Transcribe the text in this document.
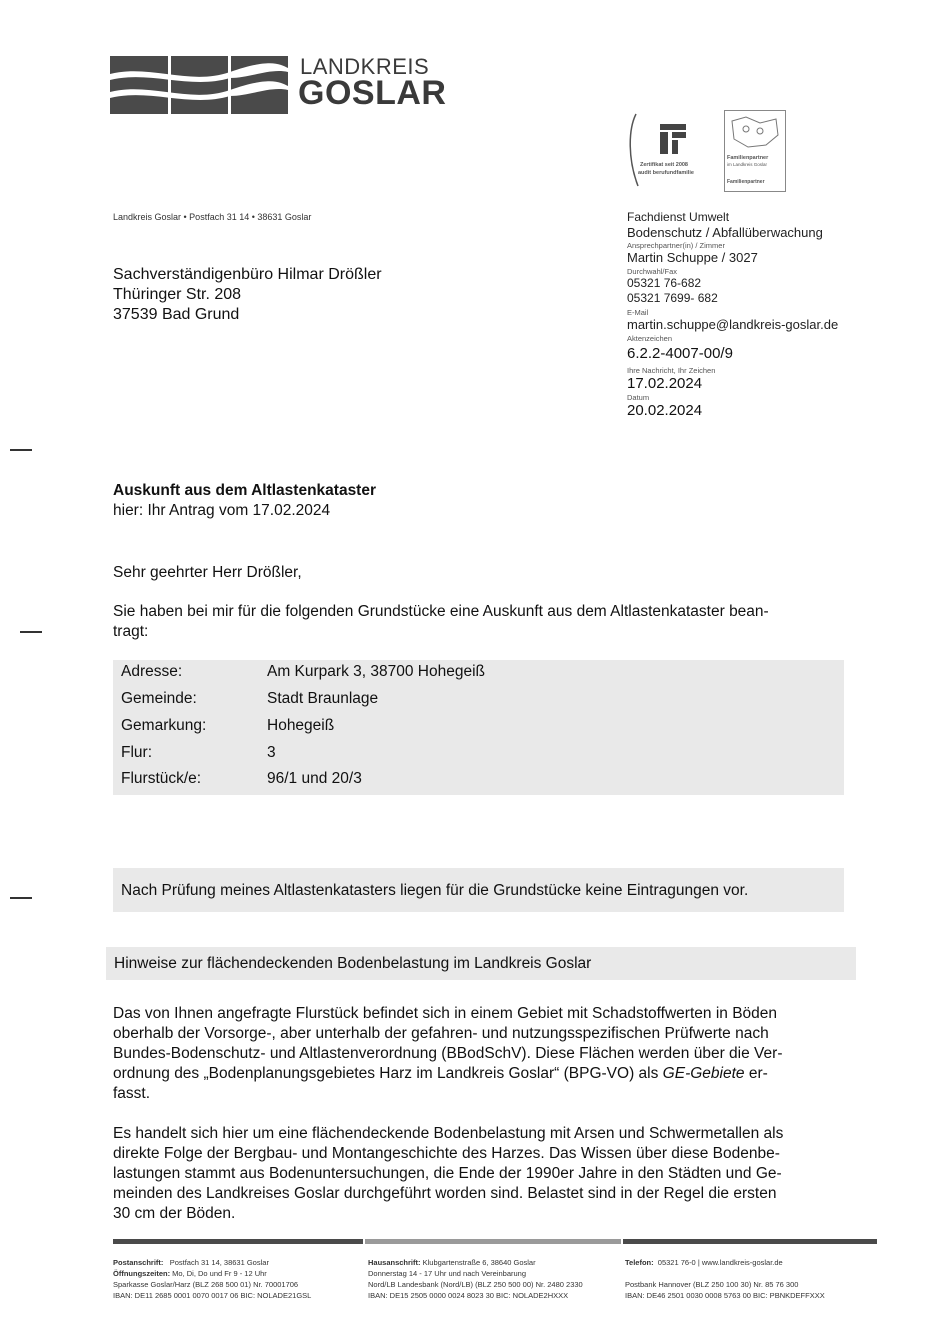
LANDKREIS
GOSLAR
Zertifikat seit 2008
audit berufundfamilie
Familienpartner
im Landkreis Goslar
Familienpartner
Landkreis Goslar • Postfach 31 14 • 38631 Goslar
Sachverständigenbüro Hilmar Drößler
Thüringer Str. 208
37539 Bad Grund
Fachdienst Umwelt
Bodenschutz / Abfallüberwachung
Ansprechpartner(in) / Zimmer
Martin Schuppe / 3027
Durchwahl/Fax
05321 76-682
05321 7699- 682
E-Mail
martin.schuppe@landkreis-goslar.de
Aktenzeichen
6.2.2-4007-00/9
Ihre Nachricht, Ihr Zeichen
17.02.2024
Datum
20.02.2024
Auskunft aus dem Altlastenkataster
hier: Ihr Antrag vom 17.02.2024
Sehr geehrter Herr Drößler,
Sie haben bei mir für die folgenden Grundstücke eine Auskunft aus dem Altlastenkataster bean-
tragt:
Adresse:	Am Kurpark 3, 38700 Hohegeiß
Gemeinde:	Stadt Braunlage
Gemarkung:	Hohegeiß
Flur:	3
Flurstück/e:	96/1 und 20/3
Nach Prüfung meines Altlastenkatasters liegen für die Grundstücke keine Eintragungen vor.
Hinweise zur flächendeckenden Bodenbelastung im Landkreis Goslar
Das von Ihnen angefragte Flurstück befindet sich in einem Gebiet mit Schadstoffwerten in Böden
oberhalb der Vorsorge-, aber unterhalb der gefahren- und nutzungsspezifischen Prüfwerte nach
Bundes-Bodenschutz- und Altlastenverordnung (BBodSchV). Diese Flächen werden über die Ver-
ordnung des „Bodenplanungsgebietes Harz im Landkreis Goslar“ (BPG-VO) als GE-Gebiete er-
fasst.
Es handelt sich hier um eine flächendeckende Bodenbelastung mit Arsen und Schwermetallen als
direkte Folge der Bergbau- und Montangeschichte des Harzes. Das Wissen über diese Bodenbe-
lastungen stammt aus Bodenuntersuchungen, die Ende der 1990er Jahre in den Städten und Ge-
meinden des Landkreises Goslar durchgeführt worden sind. Belastet sind in der Regel die ersten
30 cm der Böden.
Postanschrift: Postfach 31 14, 38631 Goslar
Öffnungszeiten: Mo, Di, Do und Fr 9 - 12 Uhr
Sparkasse Goslar/Harz (BLZ 268 500 01) Nr. 70001706
IBAN: DE11 2685 0001 0070 0017 06 BIC: NOLADE21GSL
Hausanschrift: Klubgartenstraße 6, 38640 Goslar
Donnerstag 14 - 17 Uhr und nach Vereinbarung
Nord/LB Landesbank (Nord/LB) (BLZ 250 500 00) Nr. 2480 2330
IBAN: DE15 2505 0000 0024 8023 30 BIC: NOLADE2HXXX
Telefon: 05321 76-0 | www.landkreis-goslar.de

Postbank Hannover (BLZ 250 100 30) Nr. 85 76 300
IBAN: DE46 2501 0030 0008 5763 00 BIC: PBNKDEFFXXX
